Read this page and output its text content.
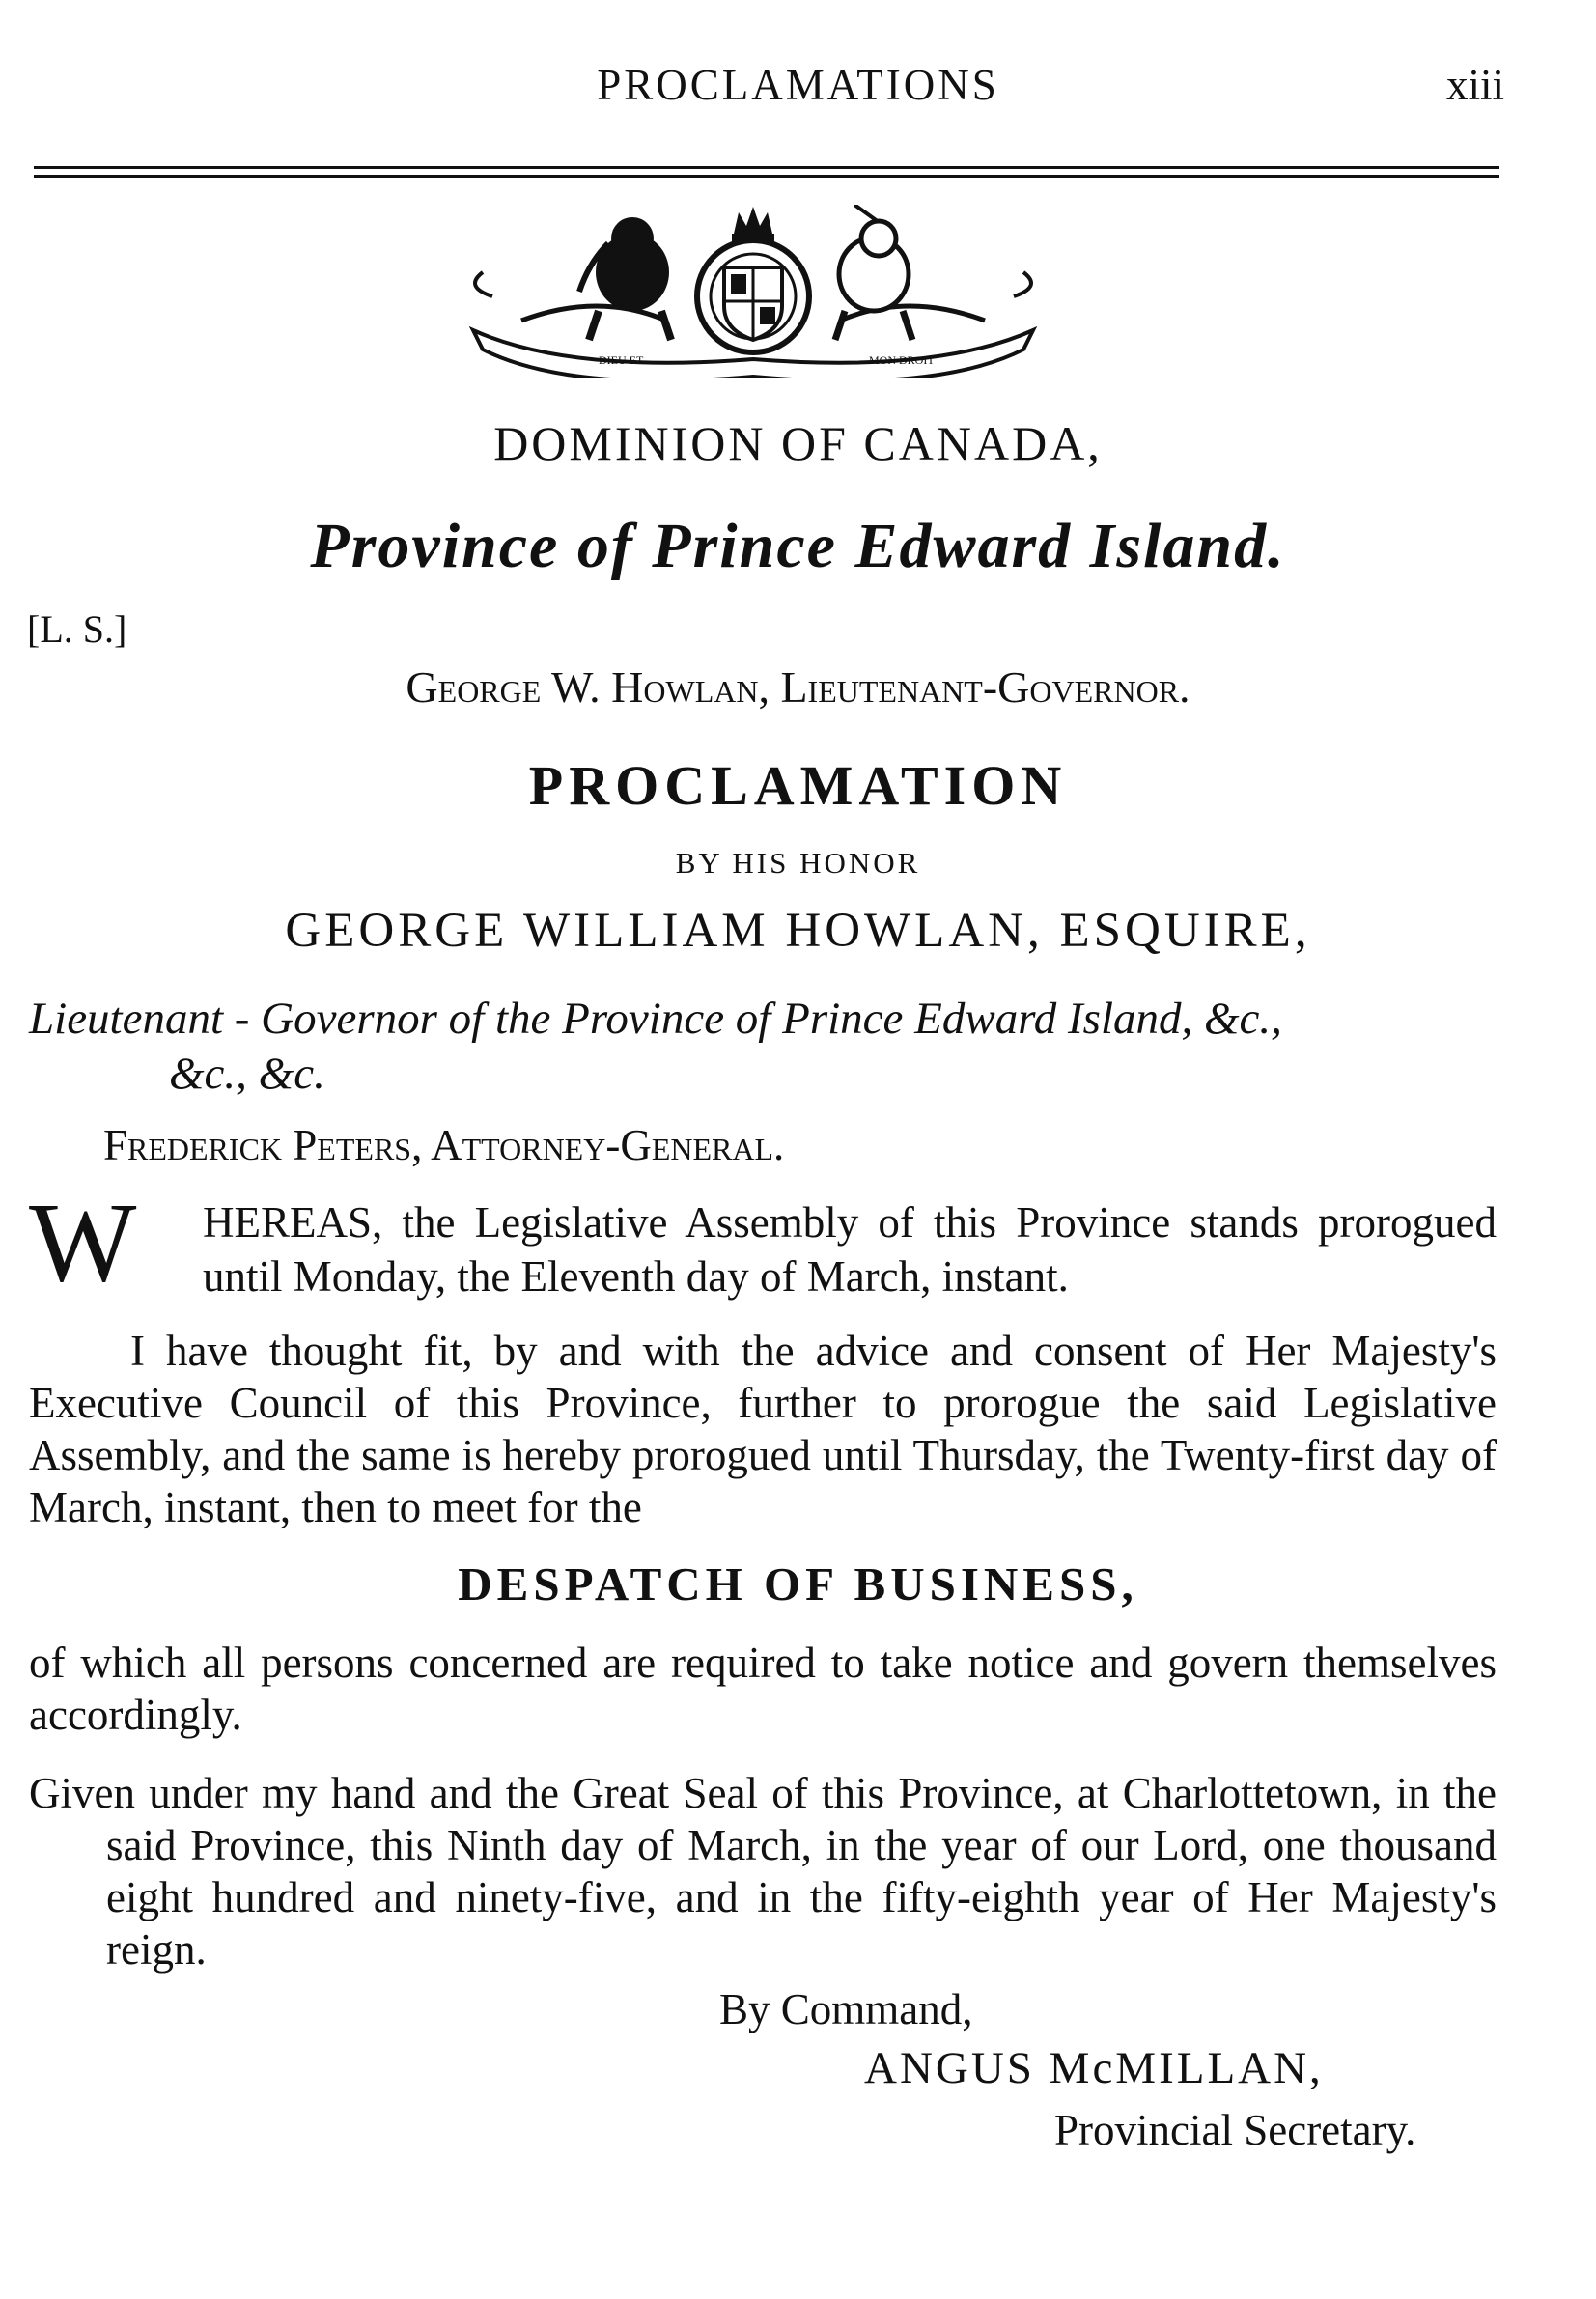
PROCLAMATIONS	xiii
DIEU ET	MON DROIT
DOMINION OF CANADA,
Province of Prince Edward Island.
[L. S.]
George W. Howlan, Lieutenant-Governor.
PROCLAMATION
BY HIS HONOR
GEORGE WILLIAM HOWLAN, ESQUIRE,
Lieutenant - Governor of the Province of Prince Edward Island, &c.,
&c., &c.
Frederick Peters, Attorney-General.
W HEREAS, the Legislative Assembly of this Province stands prorogued until Monday, the Eleventh day of March, instant.
I have thought fit, by and with the advice and consent of Her Majesty's Executive Council of this Province, further to prorogue the said Legislative Assembly, and the same is hereby prorogued until Thursday, the Twenty-first day of March, instant, then to meet for the
DESPATCH OF BUSINESS,
of which all persons concerned are required to take notice and govern themselves accordingly.
Given under my hand and the Great Seal of this Province, at Charlottetown, in the said Province, this Ninth day of March, in the year of our Lord, one thousand eight hundred and ninety-five, and in the fifty-eighth year of Her Majesty's reign.
By Command,
ANGUS McMILLAN,
Provincial Secretary.
